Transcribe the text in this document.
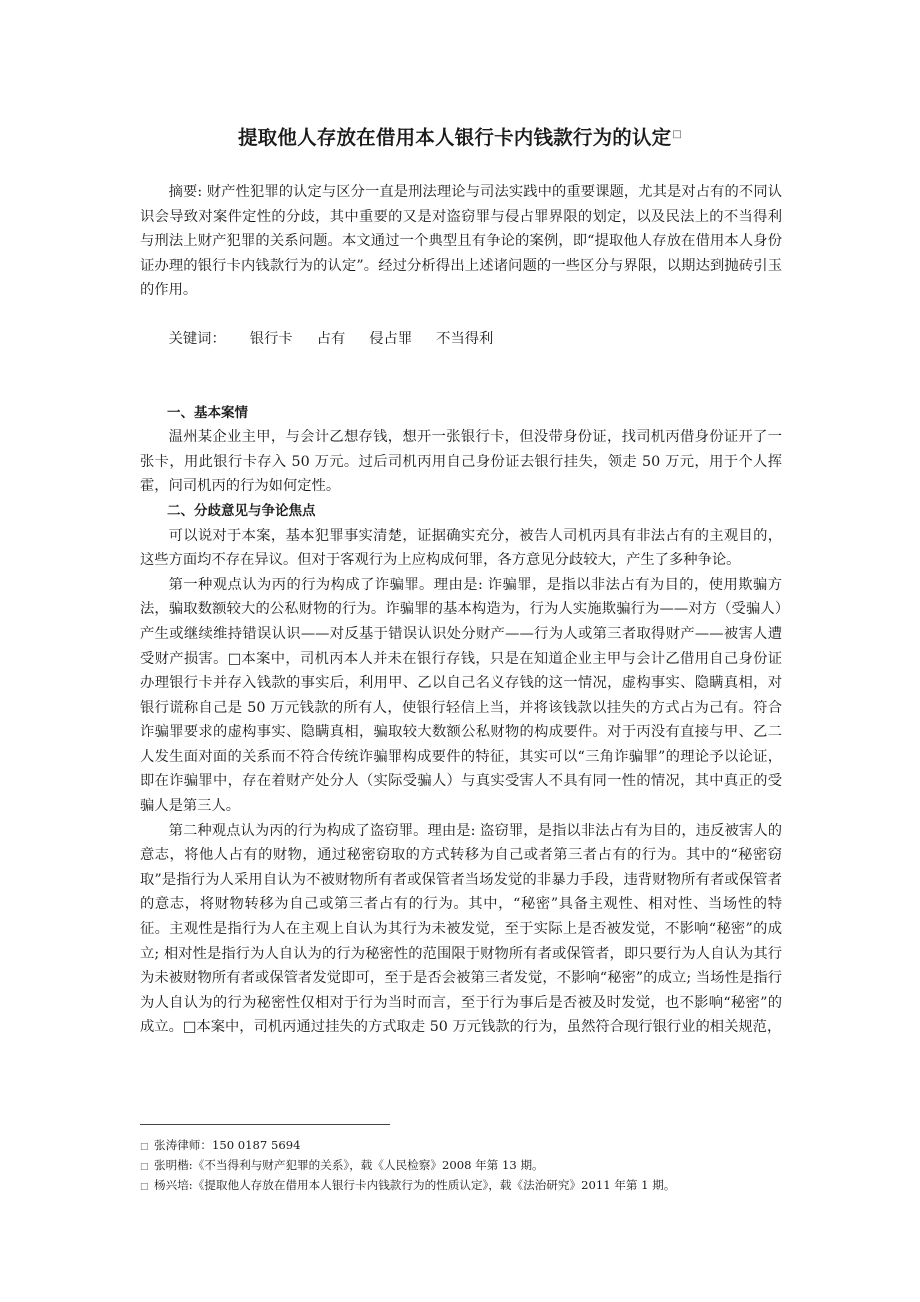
提取他人存放在借用本人银行卡内钱款行为的认定□

摘要: 财产性犯罪的认定与区分一直是刑法理论与司法实践中的重要课题，尤其是对占有的不同认识会导致对案件定性的分歧，其中重要的又是对盗窃罪与侵占罪界限的划定，以及民法上的不当得利与刑法上财产犯罪的关系问题。本文通过一个典型且有争论的案例，即“提取他人存放在借用本人身份证办理的银行卡内钱款行为的认定”。经过分析得出上述诸问题的一些区分与界限，以期达到抛砖引玉的作用。

关键词： 银行卡 占有 侵占罪 不当得利

一、基本案情

温州某企业主甲，与会计乙想存钱，想开一张银行卡，但没带身份证，找司机丙借身份证开了一张卡，用此银行卡存入 50 万元。过后司机丙用自己身份证去银行挂失，领走 50 万元，用于个人挥霍，问司机丙的行为如何定性。

二、分歧意见与争论焦点

可以说对于本案，基本犯罪事实清楚，证据确实充分，被告人司机丙具有非法占有的主观目的，这些方面均不存在异议。但对于客观行为上应构成何罪，各方意见分歧较大，产生了多种争论。

第一种观点认为丙的行为构成了诈骗罪。理由是: 诈骗罪，是指以非法占有为目的，使用欺骗方法，骗取数额较大的公私财物的行为。诈骗罪的基本构造为，行为人实施欺骗行为——对方（受骗人）产生或继续维持错误认识——对反基于错误认识处分财产——行为人或第三者取得财产——被害人遭受财产损害。□本案中，司机丙本人并未在银行存钱，只是在知道企业主甲与会计乙借用自己身份证办理银行卡并存入钱款的事实后，利用甲、乙以自己名义存钱的这一情况，虚构事实、隐瞒真相，对银行谎称自己是 50 万元钱款的所有人，使银行轻信上当，并将该钱款以挂失的方式占为己有。符合诈骗罪要求的虚构事实、隐瞒真相，骗取较大数额公私财物的构成要件。对于丙没有直接与甲、乙二人发生面对面的关系而不符合传统诈骗罪构成要件的特征，其实可以“三角诈骗罪”的理论予以论证，即在诈骗罪中，存在着财产处分人（实际受骗人）与真实受害人不具有同一性的情况，其中真正的受骗人是第三人。

第二种观点认为丙的行为构成了盗窃罪。理由是: 盗窃罪，是指以非法占有为目的，违反被害人的意志，将他人占有的财物，通过秘密窃取的方式转移为自己或者第三者占有的行为。其中的“秘密窃取”是指行为人采用自认为不被财物所有者或保管者当场发觉的非暴力手段，违背财物所有者或保管者的意志，将财物转移为自己或第三者占有的行为。其中，“秘密”具备主观性、相对性、当场性的特征。主观性是指行为人在主观上自认为其行为未被发觉，至于实际上是否被发觉，不影响“秘密”的成立; 相对性是指行为人自认为的行为秘密性的范围限于财物所有者或保管者，即只要行为人自认为其行为未被财物所有者或保管者发觉即可，至于是否会被第三者发觉，不影响“秘密”的成立; 当场性是指行为人自认为的行为秘密性仅相对于行为当时而言，至于行为事后是否被及时发觉，也不影响“秘密”的成立。□本案中，司机丙通过挂失的方式取走 50 万元钱款的行为，虽然符合现行银行业的相关规范，

□ 张涛律师：150 0187 5694
□ 张明楷:《不当得利与财产犯罪的关系》，载《人民检察》2008 年第 13 期。
□ 杨兴培:《提取他人存放在借用本人银行卡内钱款行为的性质认定》，载《法治研究》2011 年第 1 期。
